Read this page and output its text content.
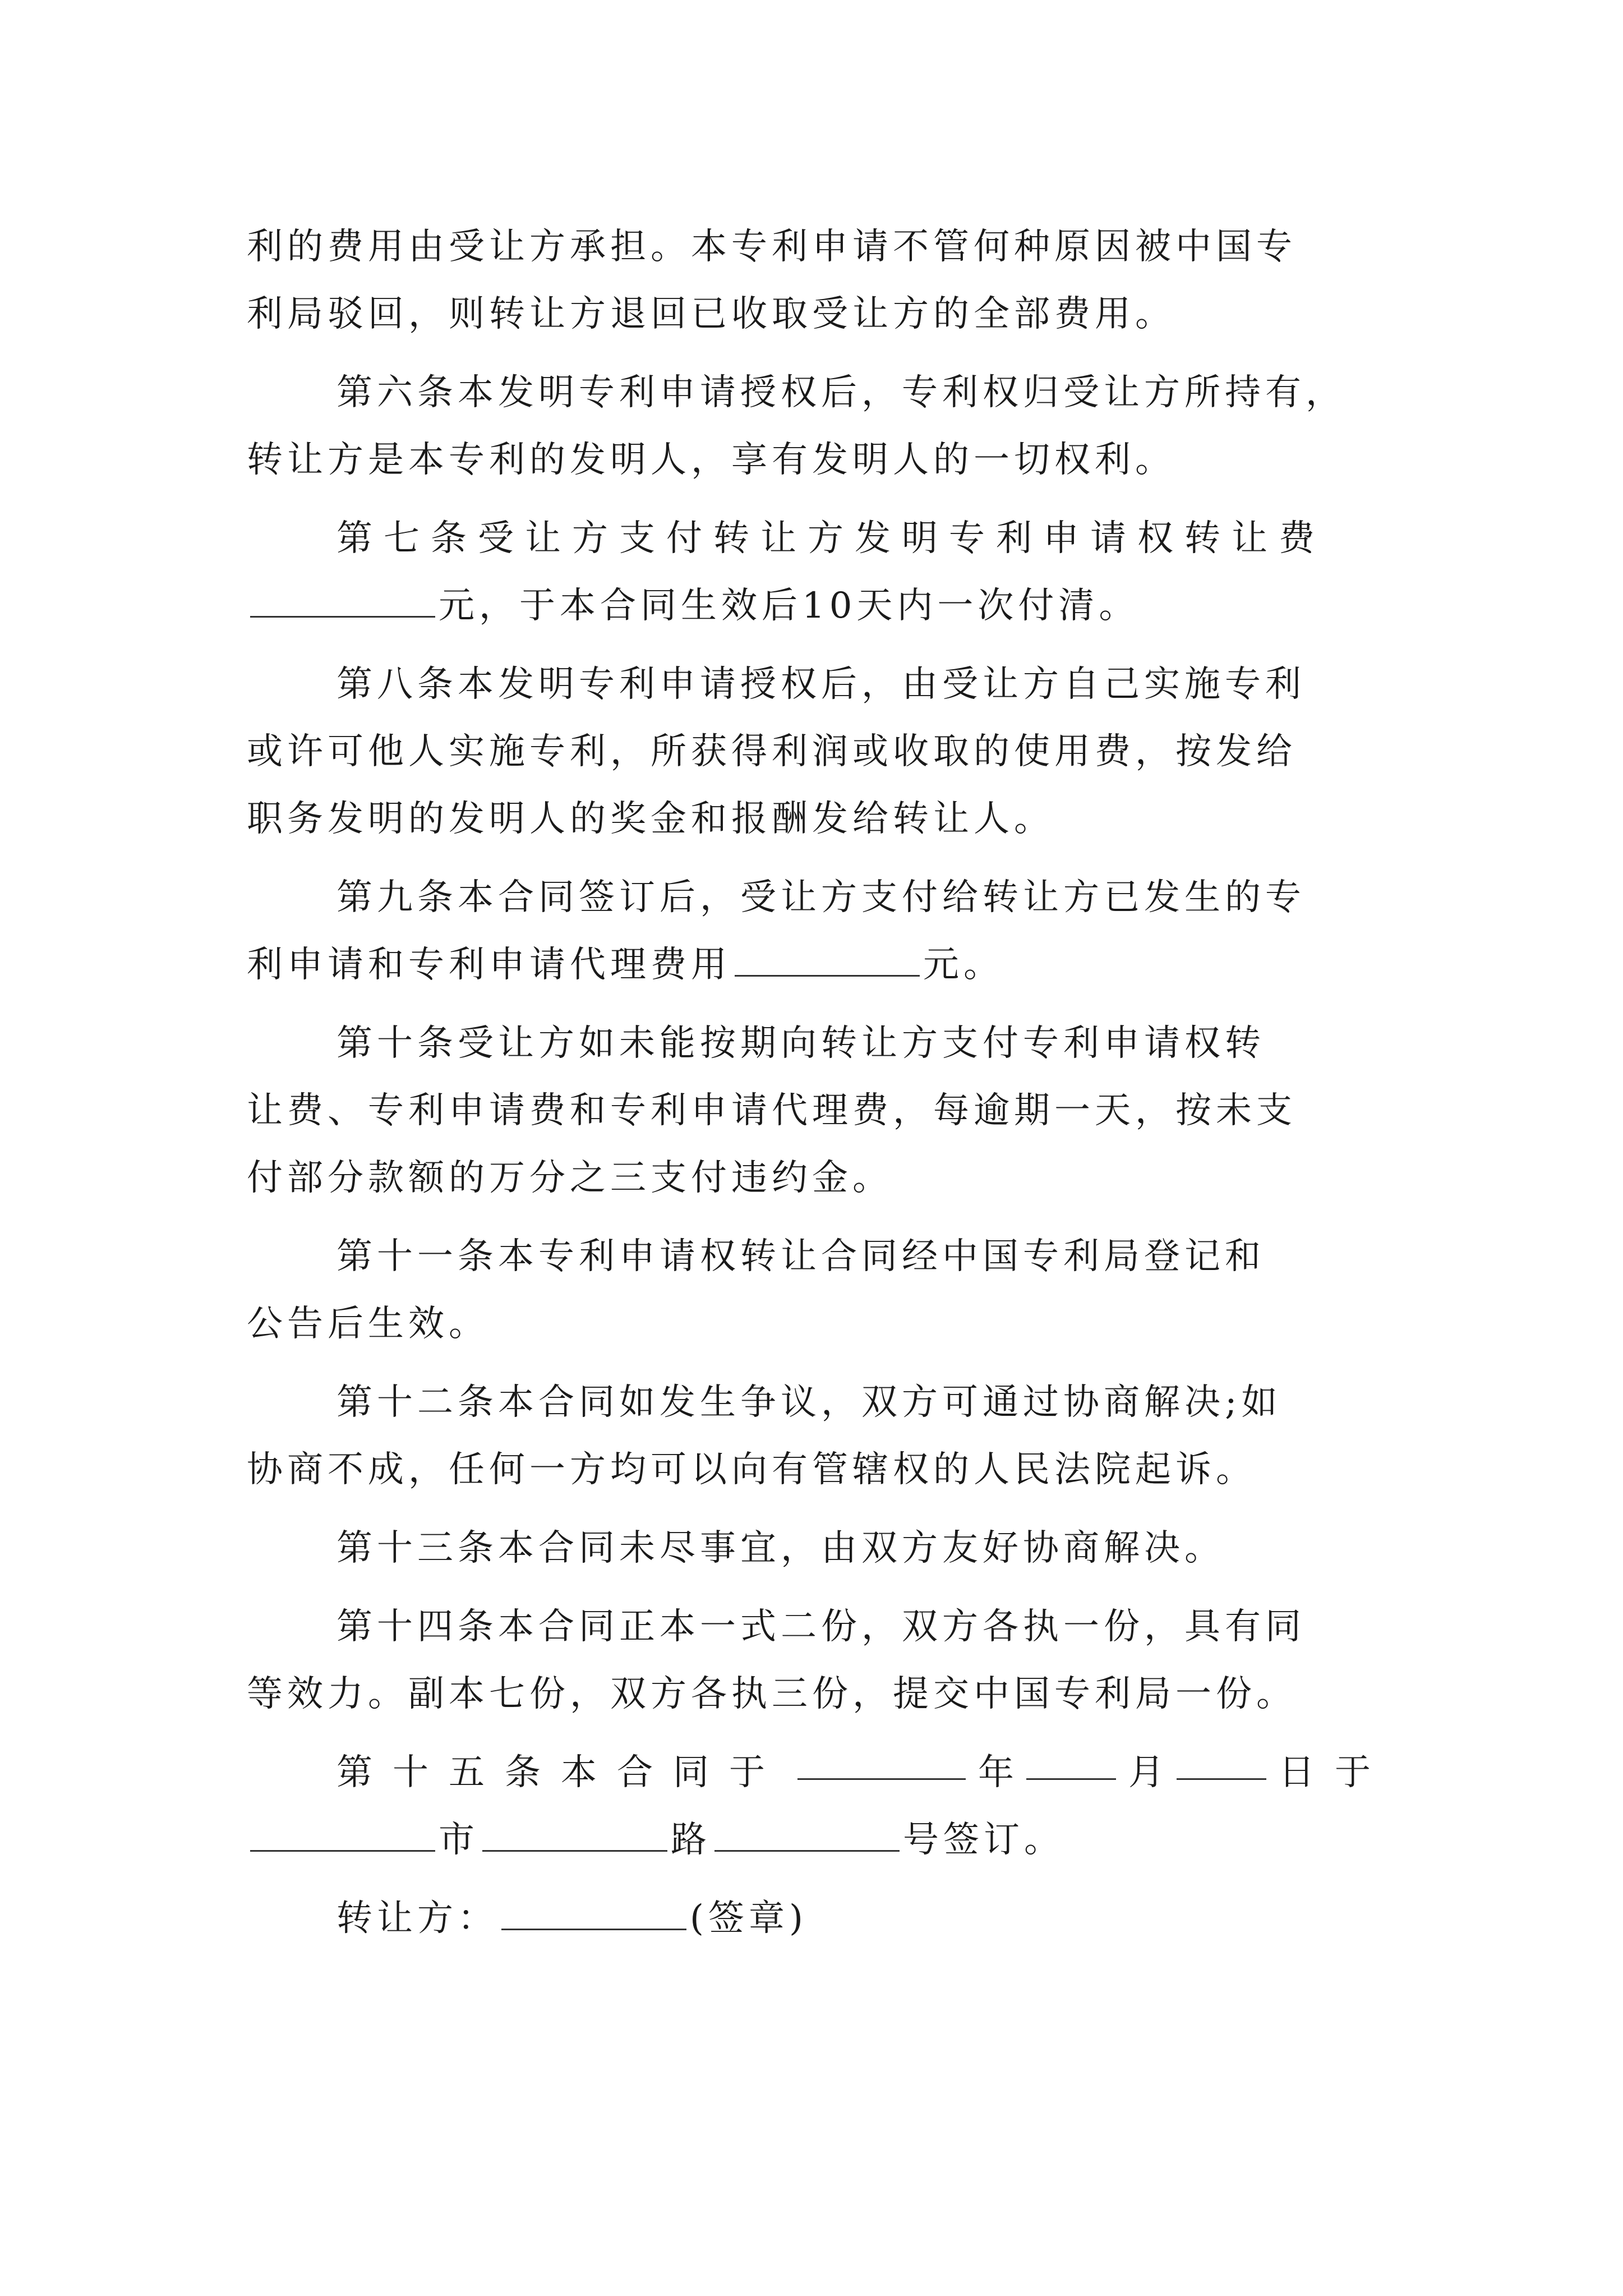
利的费用由受让方承担。本专利申请不管何种原因被中国专
利局驳回，则转让方退回已收取受让方的全部费用。
第六条本发明专利申请授权后，专利权归受让方所持有，
转让方是本专利的发明人，享有发明人的一切权利。
第七条受让方支付转让方发明专利申请权转让费
元，于本合同生效后10天内一次付清。
第八条本发明专利申请授权后，由受让方自己实施专利
或许可他人实施专利，所获得利润或收取的使用费，按发给
职务发明的发明人的奖金和报酬发给转让人。
第九条本合同签订后，受让方支付给转让方已发生的专
利申请和专利申请代理费用	元。
第十条受让方如未能按期向转让方支付专利申请权转
让费、专利申请费和专利申请代理费，每逾期一天，按未支
付部分款额的万分之三支付违约金。
第十一条本专利申请权转让合同经中国专利局登记和
公告后生效。
第十二条本合同如发生争议，双方可通过协商解决;如
协商不成，任何一方均可以向有管辖权的人民法院起诉。
第十三条本合同未尽事宜，由双方友好协商解决。
第十四条本合同正本一式二份，双方各执一份，具有同
等效力。副本七份，双方各执三份，提交中国专利局一份。
第十五条本合同于	年	月	日于
市	路	号签订。
转让方：	(签章)
